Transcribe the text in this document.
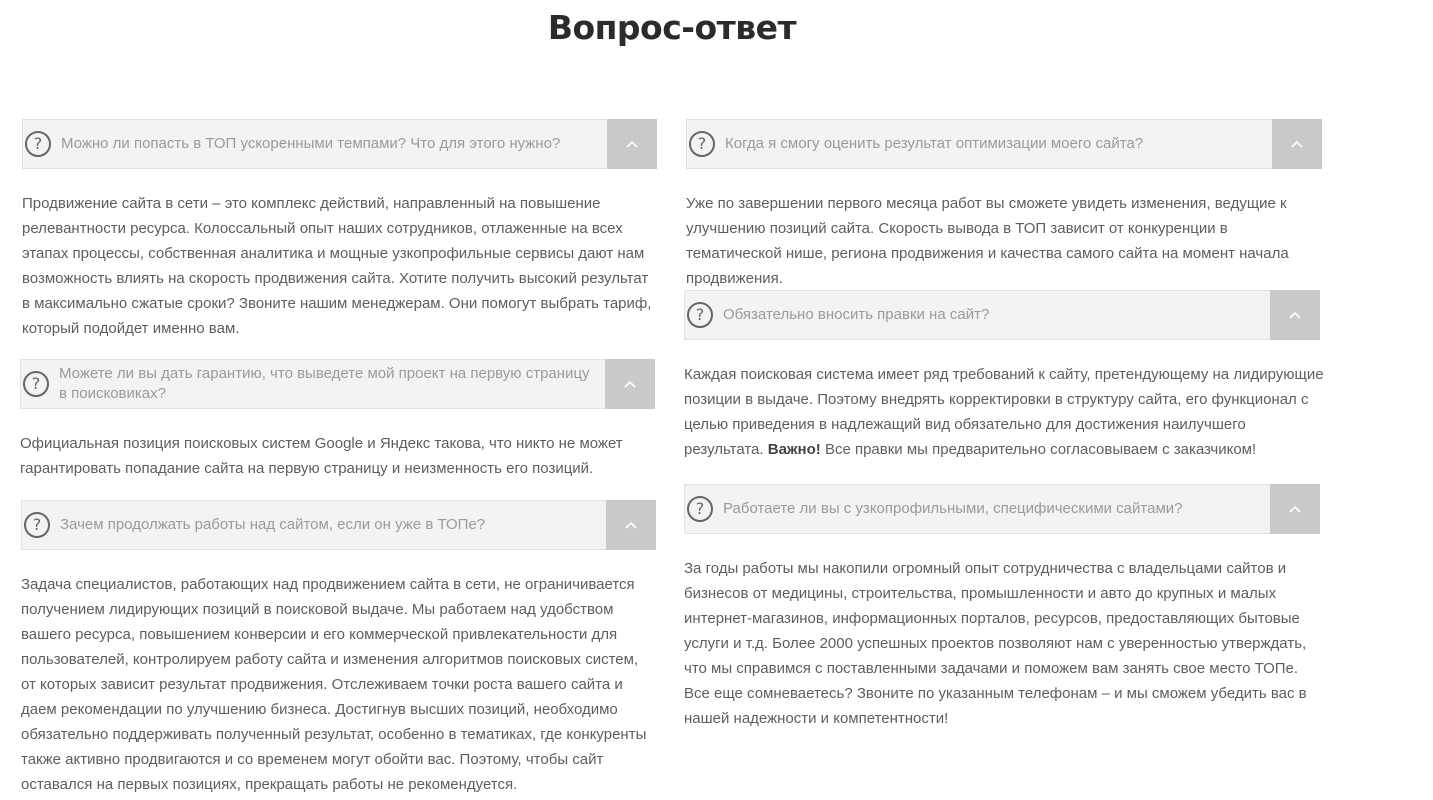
Вопрос-ответ
?	Можно ли попасть в ТОП ускоренными темпами? Что для этого нужно?

Продвижение сайта в сети – это комплекс действий, направленный на повышение релевантности ресурса. Колоссальный опыт наших сотрудников, отлаженные на всех этапах процессы, собственная аналитика и мощные узкопрофильные сервисы дают нам возможность влиять на скорость продвижения сайта. Хотите получить высокий результат в максимально сжатые сроки? Звоните нашим менеджерам. Они помогут выбрать тариф, который подойдет именно вам.

?
Можете ли вы дать гарантию, что выведете мой проект на первую страницу в поисковиках?

Официальная позиция поисковых систем Google и Яндекс такова, что никто не может гарантировать попадание сайта на первую страницу и неизменность его позиций.

?	Зачем продолжать работы над сайтом, если он уже в ТОПе?

Задача специалистов, работающих над продвижением сайта в сети, не ограничивается получением лидирующих позиций в поисковой выдаче. Мы работаем над удобством вашего ресурса, повышением конверсии и его коммерческой привлекательности для пользователей, контролируем работу сайта и изменения алгоритмов поисковых систем, от которых зависит результат продвижения. Отслеживаем точки роста вашего сайта и даем рекомендации по улучшению бизнеса. Достигнув высших позиций, необходимо обязательно поддерживать полученный результат, особенно в тематиках, где конкуренты также активно продвигаются и со временем могут обойти вас. Поэтому, чтобы сайт оставался на первых позициях, прекращать работы не рекомендуется.

?	Когда я смогу оценить результат оптимизации моего сайта?

Уже по завершении первого месяца работ вы сможете увидеть изменения, ведущие к улучшению позиций сайта. Скорость вывода в ТОП зависит от конкуренции в тематической нише, региона продвижения и качества самого сайта на момент начала продвижения.

?	Обязательно вносить правки на сайт?

Каждая поисковая система имеет ряд требований к сайту, претендующему на лидирующие позиции в выдаче. Поэтому внедрять корректировки в структуру сайта, его функционал с целью приведения в надлежащий вид обязательно для достижения наилучшего результата. Важно! Все правки мы предварительно согласовываем с заказчиком!

?	Работаете ли вы с узкопрофильными, специфическими сайтами?

За годы работы мы накопили огромный опыт сотрудничества с владельцами сайтов и бизнесов от медицины, строительства, промышленности и авто до крупных и малых интернет-магазинов, информационных порталов, ресурсов, предоставляющих бытовые услуги и т.д. Более 2000 успешных проектов позволяют нам с уверенностью утверждать, что мы справимся с поставленными задачами и поможем вам занять свое место ТОПе. Все еще сомневаетесь? Звоните по указанным телефонам – и мы сможем убедить вас в нашей надежности и компетентности!
